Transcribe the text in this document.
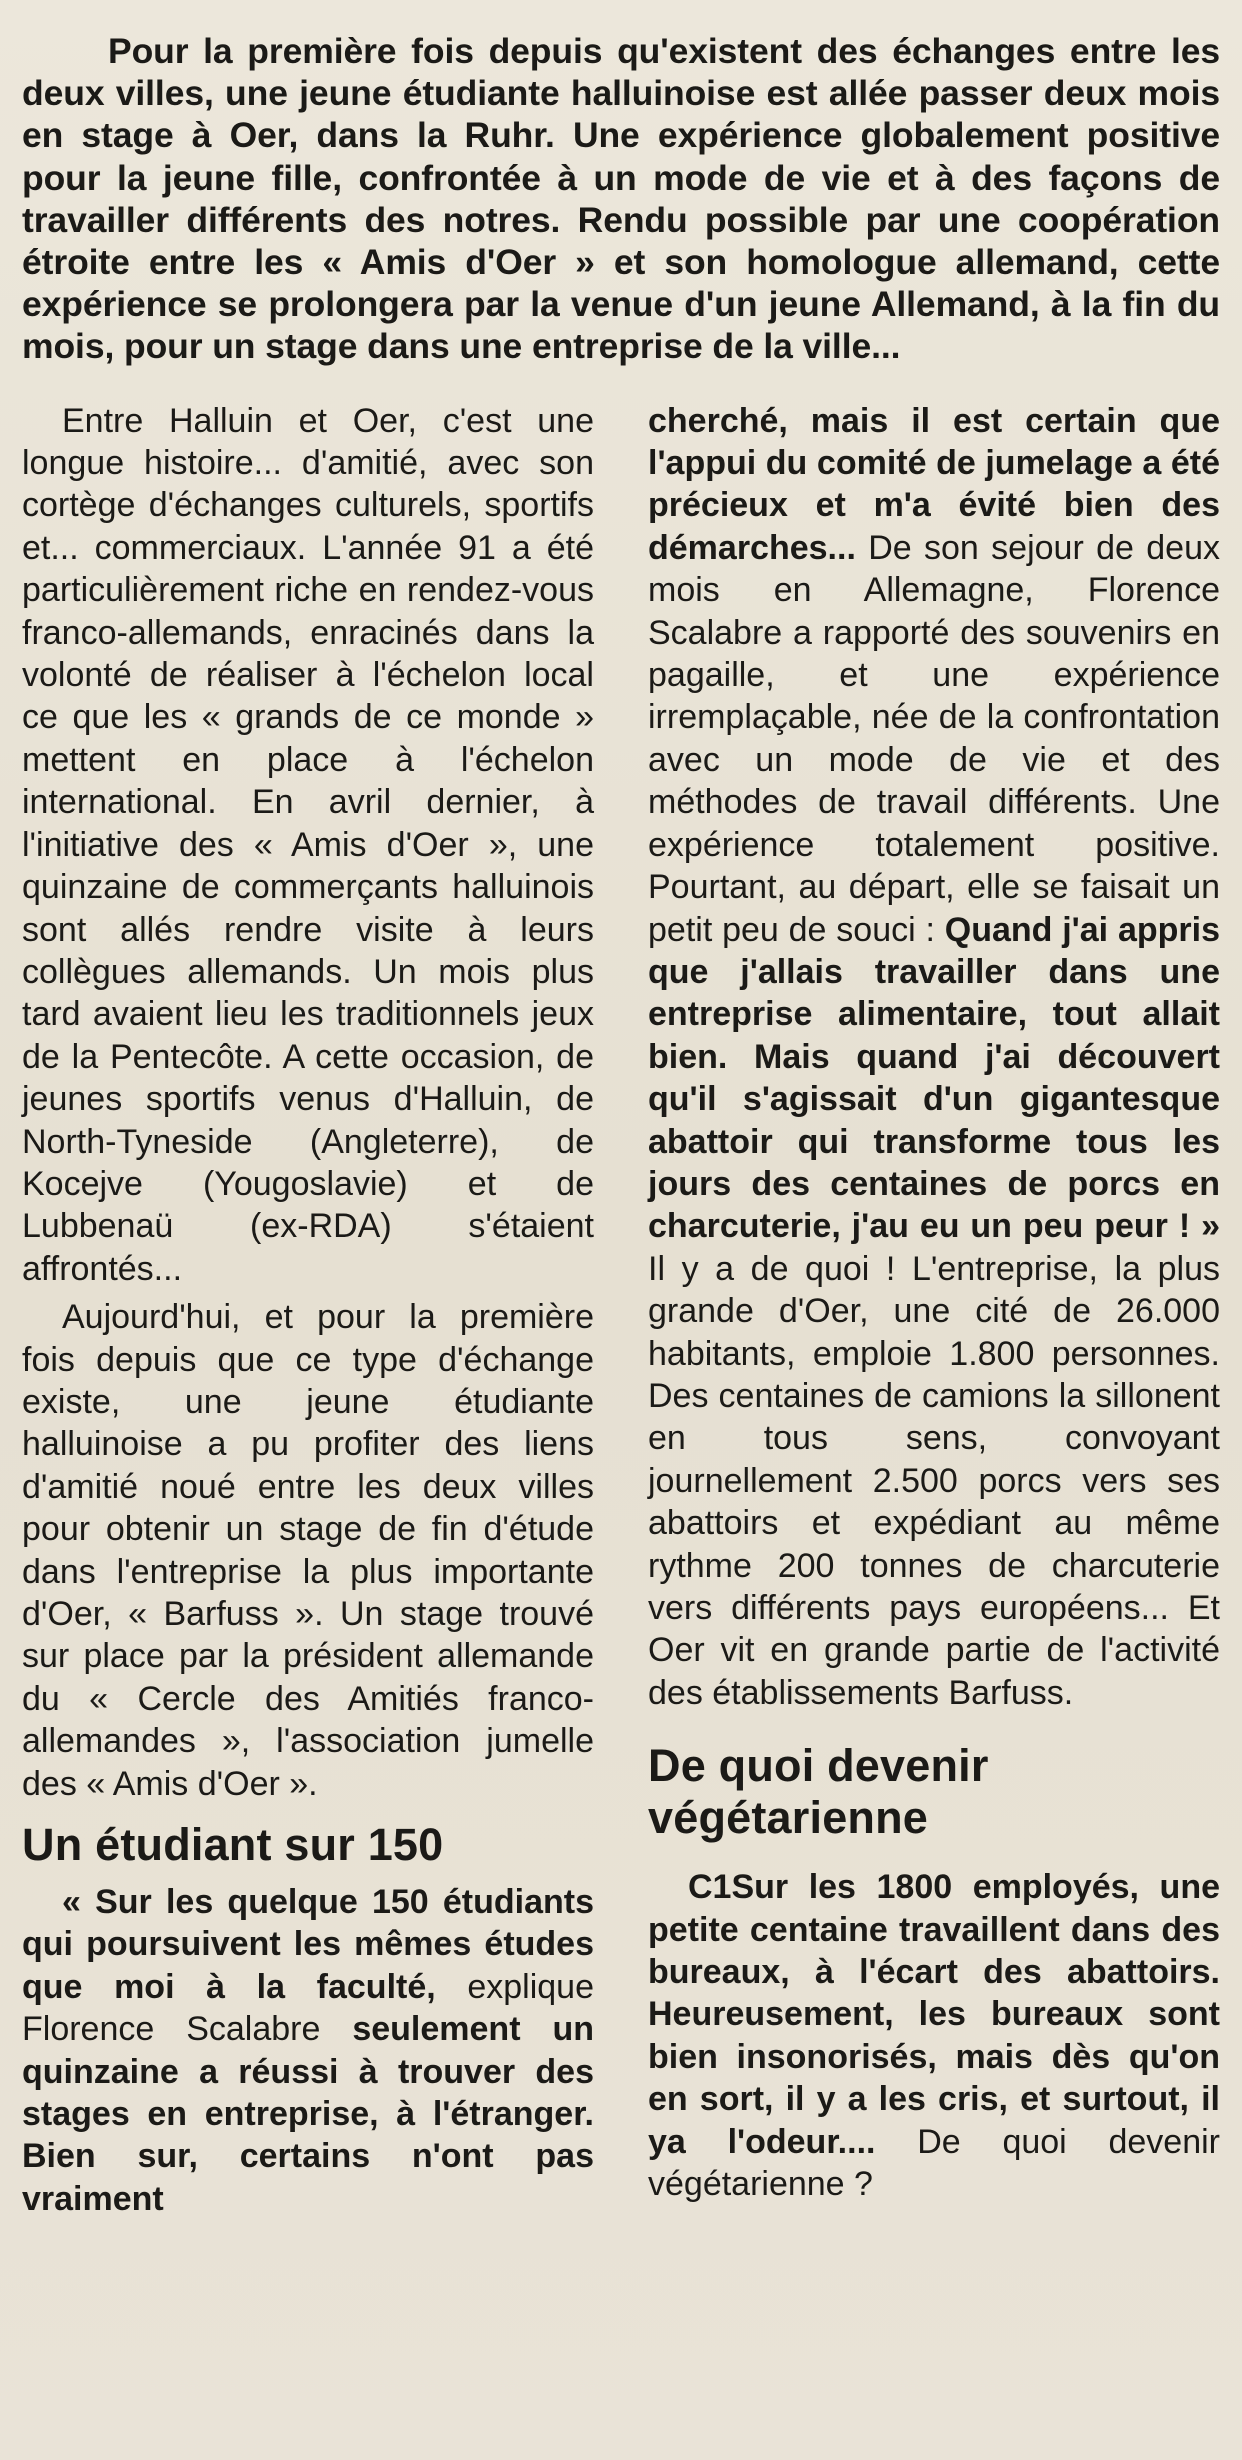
Pour la première fois depuis qu'existent des échanges entre les deux villes, une jeune étudiante halluinoise est allée passer deux mois en stage à Oer, dans la Ruhr. Une expérience globalement positive pour la jeune fille, confrontée à un mode de vie et à des façons de travailler différents des notres. Rendu possible par une coopération étroite entre les « Amis d'Oer » et son homologue allemand, cette expérience se prolongera par la venue d'un jeune Allemand, à la fin du mois, pour un stage dans une entreprise de la ville...

Entre Halluin et Oer, c'est une longue histoire... d'amitié, avec son cortège d'échanges culturels, sportifs et... commerciaux. L'année 91 a été particulièrement riche en rendez-vous franco-allemands, enracinés dans la volonté de réaliser à l'échelon local ce que les « grands de ce monde » mettent en place à l'échelon international. En avril dernier, à l'initiative des « Amis d'Oer », une quinzaine de commerçants halluinois sont allés rendre visite à leurs collègues allemands. Un mois plus tard avaient lieu les traditionnels jeux de la Pentecôte. A cette occasion, de jeunes sportifs venus d'Halluin, de North-Tyneside (Angleterre), de Kocejve (Yougoslavie) et de Lubbenaü (ex-RDA) s'étaient affrontés...

Aujourd'hui, et pour la première fois depuis que ce type d'échange existe, une jeune étudiante halluinoise a pu profiter des liens d'amitié noué entre les deux villes pour obtenir un stage de fin d'étude dans l'entreprise la plus importante d'Oer, « Barfuss ». Un stage trouvé sur place par la président allemande du « Cercle des Amitiés franco-allemandes », l'association jumelle des « Amis d'Oer ».

Un étudiant sur 150

« Sur les quelque 150 étudiants qui poursuivent les mêmes études que moi à la faculté, explique Florence Scalabre seulement un quinzaine a réussi à trouver des stages en entreprise, à l'étranger. Bien sur, certains n'ont pas vraiment

cherché, mais il est certain que l'appui du comité de jumelage a été précieux et m'a évité bien des démarches... De son sejour de deux mois en Allemagne, Florence Scalabre a rapporté des souvenirs en pagaille, et une expérience irremplaçable, née de la confrontation avec un mode de vie et des méthodes de travail différents. Une expérience totalement positive. Pourtant, au départ, elle se faisait un petit peu de souci : Quand j'ai appris que j'allais travailler dans une entreprise alimentaire, tout allait bien. Mais quand j'ai découvert qu'il s'agissait d'un gigantesque abattoir qui transforme tous les jours des centaines de porcs en charcuterie, j'au eu un peu peur ! » Il y a de quoi ! L'entreprise, la plus grande d'Oer, une cité de 26.000 habitants, emploie 1.800 personnes. Des centaines de camions la sillonent en tous sens, convoyant journellement 2.500 porcs vers ses abattoirs et expédiant au même rythme 200 tonnes de charcuterie vers différents pays européens... Et Oer vit en grande partie de l'activité des établissements Barfuss.

De quoi devenir végétarienne

C1Sur les 1800 employés, une petite centaine travaillent dans des bureaux, à l'écart des abattoirs. Heureusement, les bureaux sont bien insonorisés, mais dès qu'on en sort, il y a les cris, et surtout, il ya l'odeur.... De quoi devenir végétarienne ?
